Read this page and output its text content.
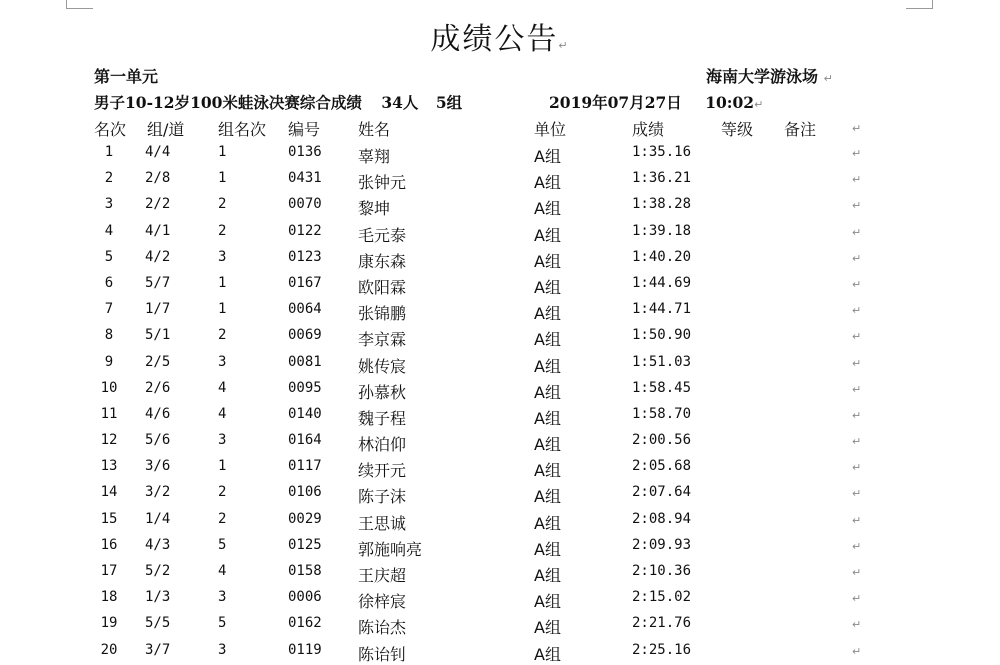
成绩公告↵
第一单元	海南大学游泳场 ↵
男子10-12岁100米蛙泳决赛综合成绩 34人 5组	2019年07月27日 10:02↵
名次 组/道 组名次 编号 姓名	单位	成绩	等级 备注	↵
1	4/4	1	0136 辜翔	A组	1:35.16	↵
2	2/8	1	0431 张钟元	A组	1:36.21	↵
3	2/2	2	0070 黎坤	A组	1:38.28	↵
4	4/1	2	0122 毛元泰	A组	1:39.18	↵
5	4/2	3	0123 康东森	A组	1:40.20	↵
6	5/7	1	0167 欧阳霖	A组	1:44.69	↵
7	1/7	1	0064 张锦鹏	A组	1:44.71	↵
8	5/1	2	0069 李京霖	A组	1:50.90	↵
9	2/5	3	0081 姚传宸	A组	1:51.03	↵
10	2/6	4	0095 孙慕秋	A组	1:58.45	↵
11	4/6	4	0140 魏子程	A组	1:58.70	↵
12	5/6	3	0164 林泊仰	A组	2:00.56	↵
13	3/6	1	0117 续开元	A组	2:05.68	↵
14	3/2	2	0106 陈子沫	A组	2:07.64	↵
15	1/4	2	0029 王思诚	A组	2:08.94	↵
16	4/3	5	0125 郭施响亮	A组	2:09.93	↵
17	5/2	4	0158 王庆超	A组	2:10.36	↵
18	1/3	3	0006 徐梓宸	A组	2:15.02	↵
19	5/5	5	0162 陈诒杰	A组	2:21.76	↵
20	3/7	3	0119 陈诒钊	A组	2:25.16	↵
